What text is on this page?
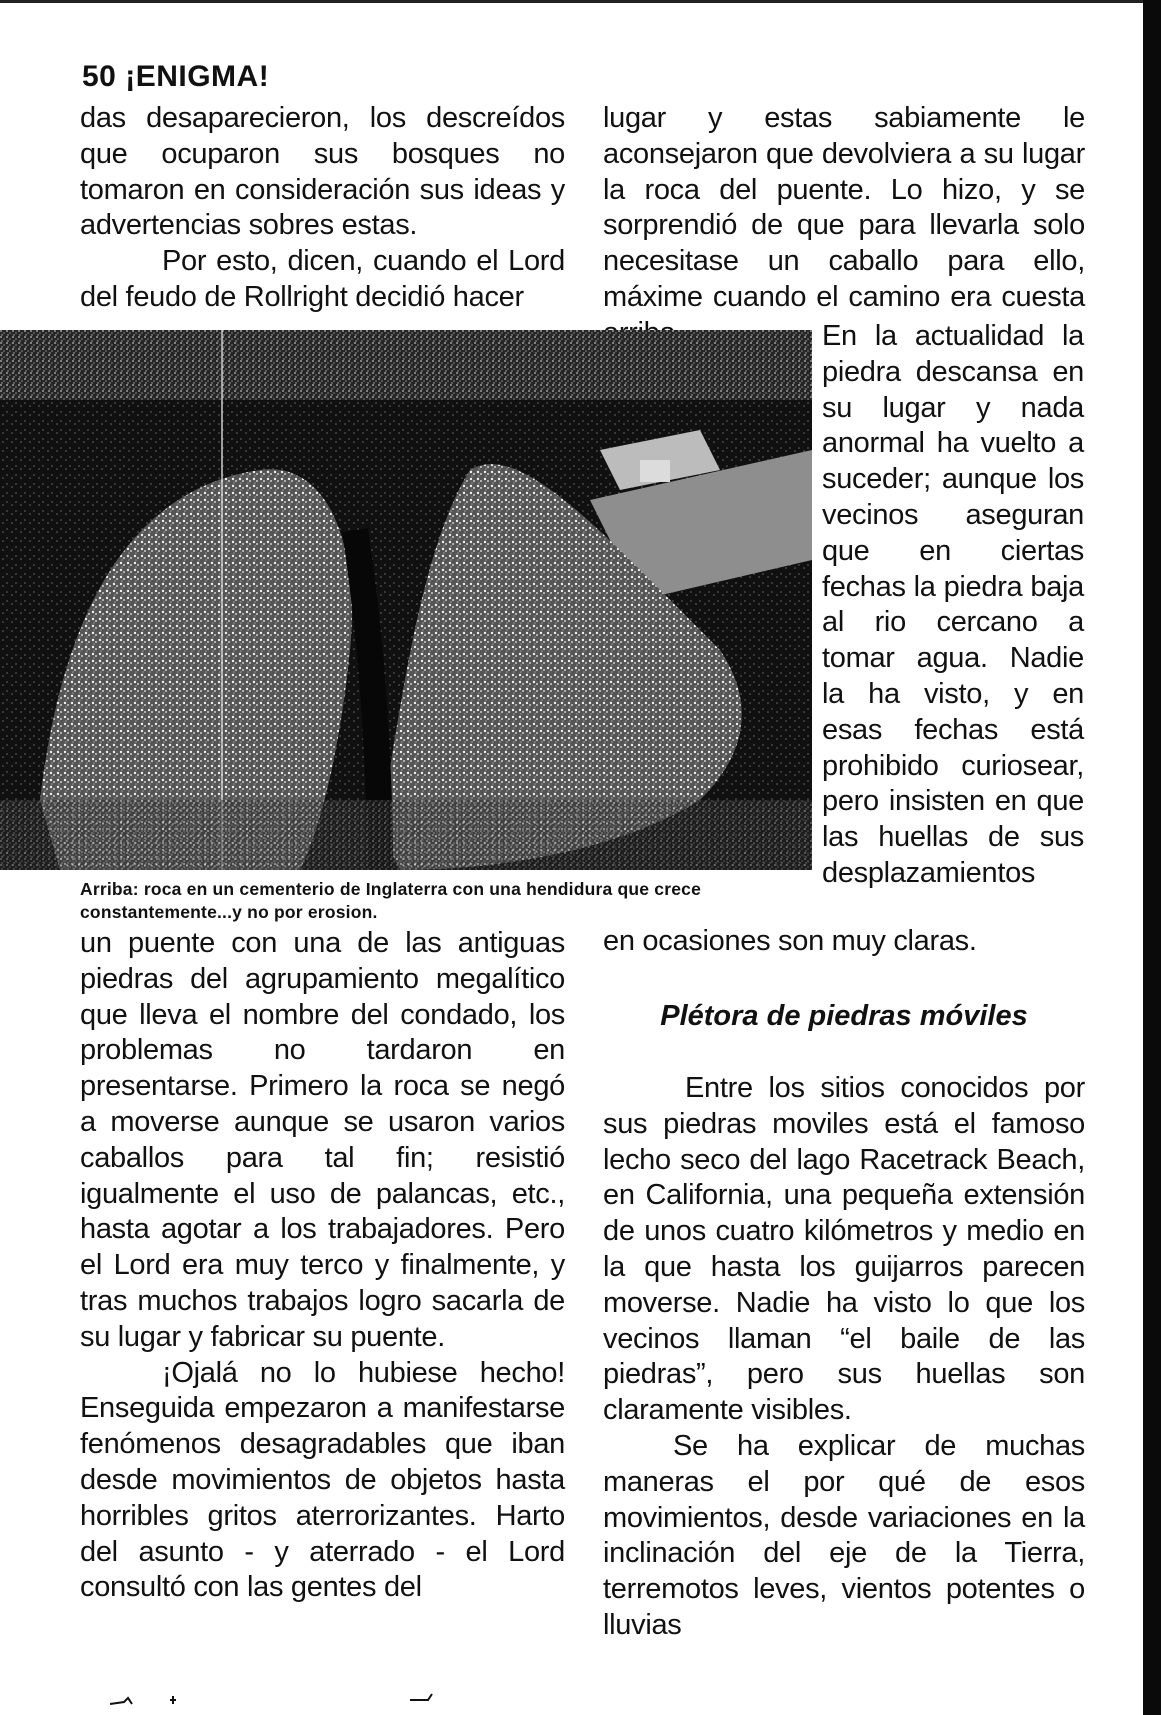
50 ¡ENIGMA!

das desaparecieron, los descreídos que ocuparon sus bosques no tomaron en consideración sus ideas y advertencias sobres estas.

Por esto, dicen, cuando el Lord del feudo de Rollright decidió hacer

lugar y estas sabiamente le aconsejaron que devolviera a su lugar la roca del puente. Lo hizo, y se sorprendió de que para llevarla solo necesitase un caballo para ello, máxime cuando el camino era cuesta

En la actualidad la piedra descansa en su lugar y nada anormal ha vuelto a suceder; aunque los vecinos aseguran que en ciertas fechas la piedra baja al rio cercano a tomar agua. Nadie la ha visto, y en esas fechas está prohibido curiosear, pero insisten en que las huellas de sus desplazamientos

en ocasiones son muy claras.

Arriba: roca en un cementerio de Inglaterra con una hendidura que crece constantemente...y no por erosion.

un puente con una de las antiguas piedras del agrupamiento megalítico que lleva el nombre del condado, los problemas no tardaron en presentarse. Primero la roca se negó a moverse aunque se usaron varios caballos para tal fin; resistió igualmente el uso de palancas, etc., hasta agotar a los trabajadores. Pero el Lord era muy terco y finalmente, y tras muchos trabajos logro sacarla de su lugar y fabricar su puente.

¡Ojalá no lo hubiese hecho! Enseguida empezaron a manifestarse fenómenos desagradables que iban desde movimientos de objetos hasta horribles gritos aterrorizantes. Harto del asunto - y aterrado - el Lord consultó con las gentes del

Plétora de piedras móviles

Entre los sitios conocidos por sus piedras moviles está el famoso lecho seco del lago Racetrack Beach, en California, una pequeña extensión de unos cuatro kilómetros y medio en la que hasta los guijarros parecen moverse. Nadie ha visto lo que los vecinos llaman “el baile de las piedras”, pero sus huellas son claramente visibles.

Se ha explicar de muchas maneras el por qué de esos movimientos, desde variaciones en la inclinación del eje de la Tierra, terremotos leves, vientos potentes o lluvias
